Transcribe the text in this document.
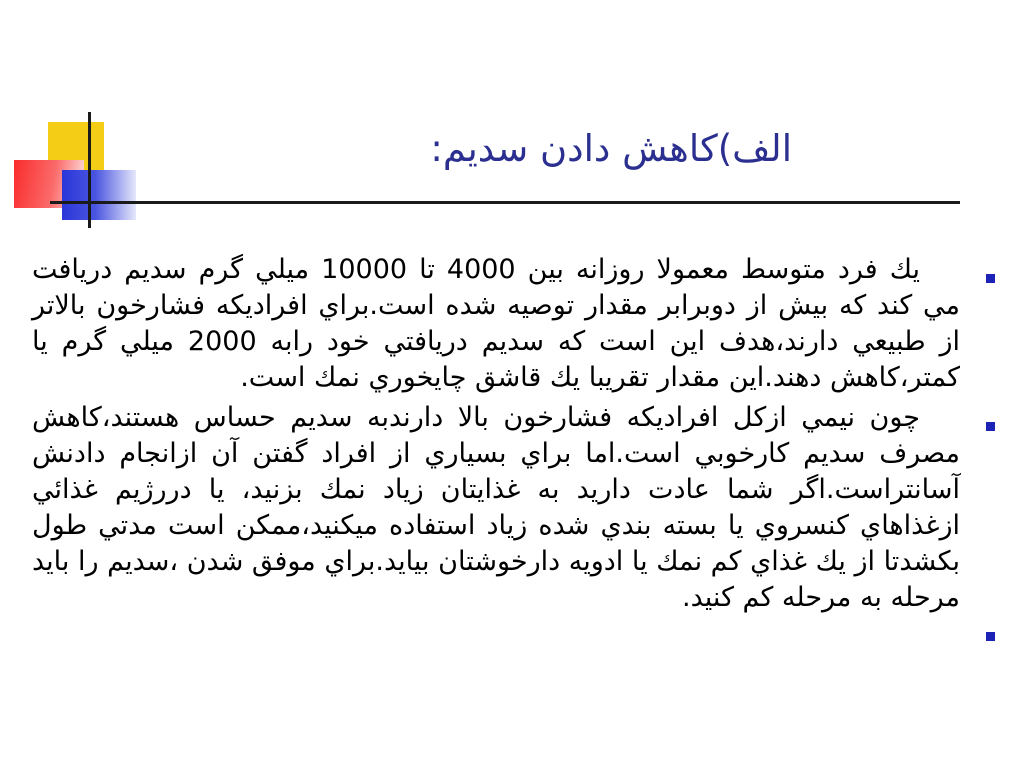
الف)كاهش دادن سديم:

يك فرد متوسط معمولا روزانه بين 4000 تا 10000 ميلي گرم سديم دريافت مي كند كه بيش از دوبرابر مقدار توصيه شده است.براي افراديكه فشارخون بالاتر از طبيعي دارند،هدف اين است كه سديم دريافتي خود رابه 2000 ميلي گرم يا كمتر،كاهش دهند.اين مقدار تقريبا يك قاشق چايخوري نمك است.

چون نيمي ازكل افراديكه فشارخون بالا دارندبه سديم حساس هستند،كاهش مصرف سديم كارخوبي است.اما براي بسياري از افراد گفتن آن ازانجام دادنش آسانتراست.اگر شما عادت داريد به غذايتان زياد نمك بزنيد، يا دررژيم غذائي ازغذاهاي كنسروي يا بسته بندي شده زياد استفاده ميكنيد،ممكن است مدتي طول بكشدتا از يك غذاي كم نمك يا ادويه دارخوشتان بيايد.براي موفق شدن ،سديم را بايد مرحله به مرحله كم كنيد.
